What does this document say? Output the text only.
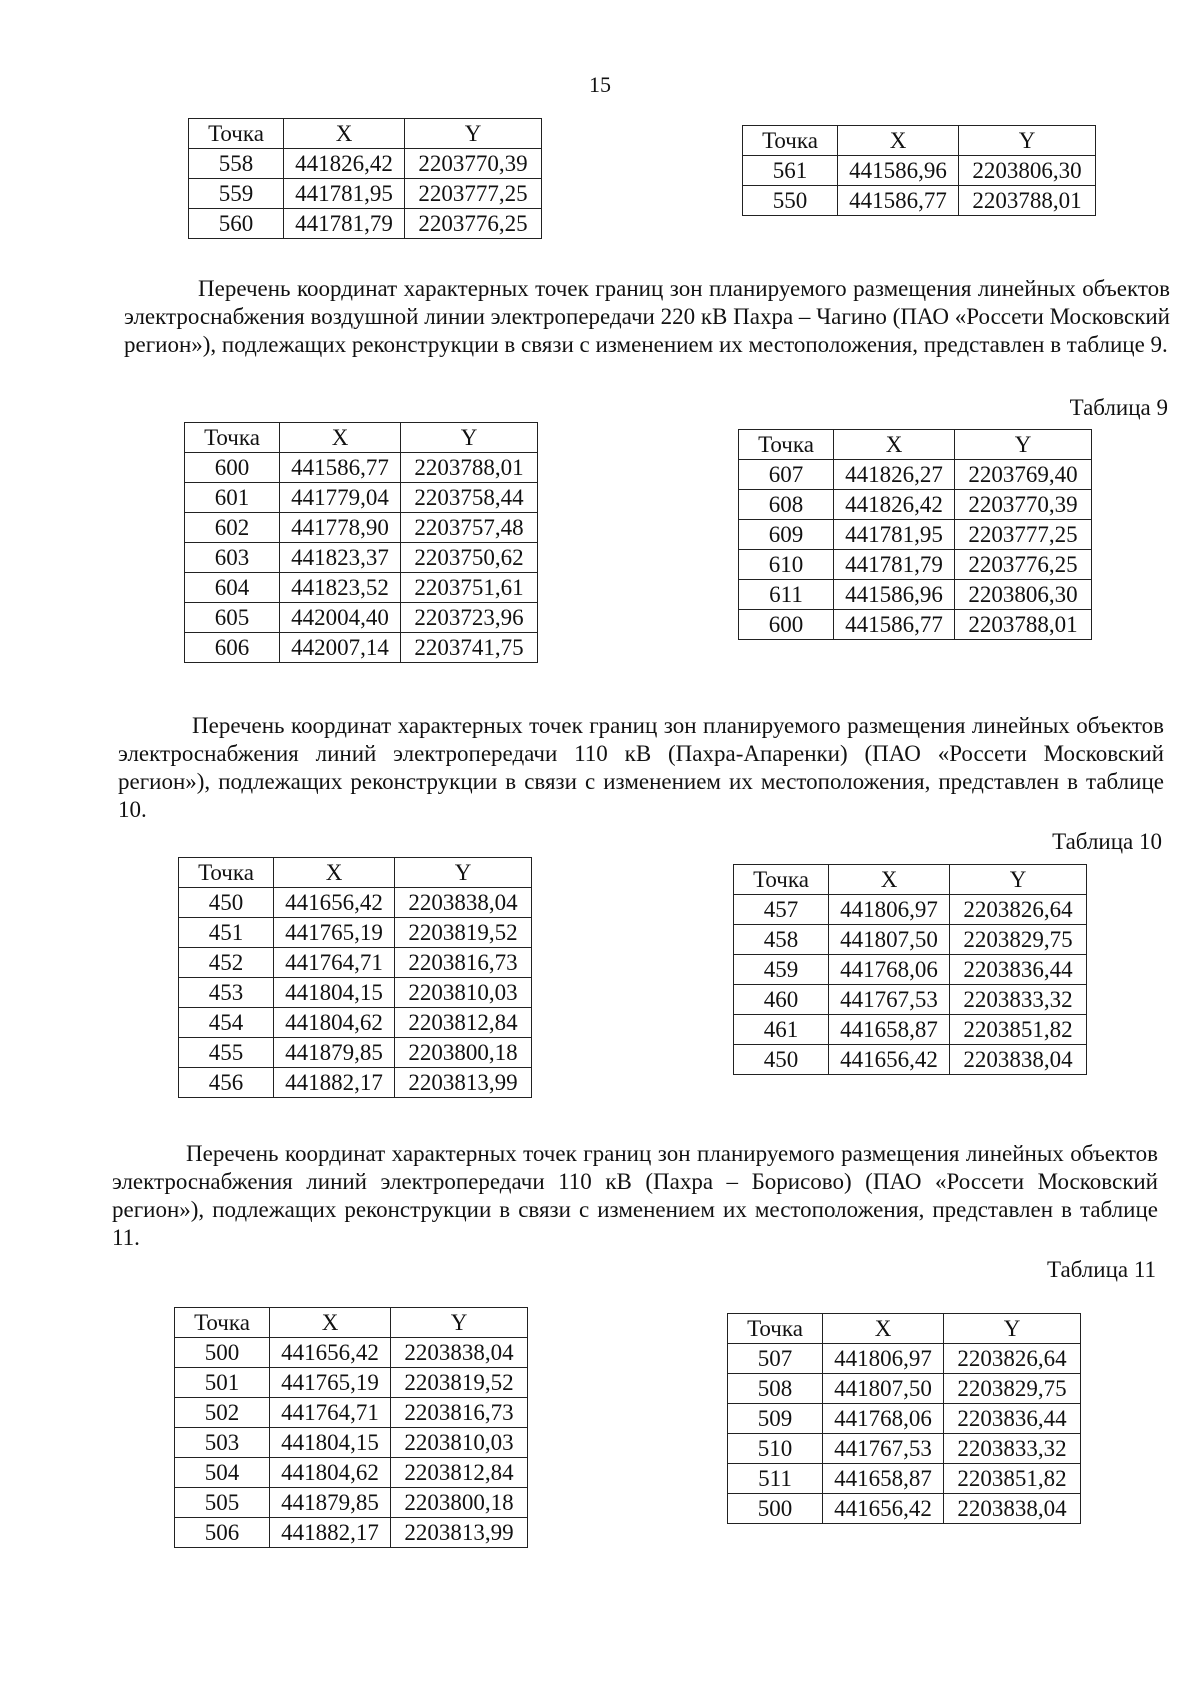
15
Точка	X	Y
558	441826,42	2203770,39
559	441781,95	2203777,25
560	441781,79	2203776,25
Точка	X	Y
561	441586,96	2203806,30
550	441586,77	2203788,01

Перечень координат характерных точек границ зон планируемого размещения линейных объектов электроснабжения воздушной линии электропередачи 220 кВ Пахра – Чагино (ПАО «Россети Московский регион»), подлежащих реконструкции в связи с изменением их местоположения, представлен в таблице 9.

Таблица 9
Точка	X	Y
600	441586,77	2203788,01
601	441779,04	2203758,44
602	441778,90	2203757,48
603	441823,37	2203750,62
604	441823,52	2203751,61
605	442004,40	2203723,96
606	442007,14	2203741,75
Точка	X	Y
607	441826,27	2203769,40
608	441826,42	2203770,39
609	441781,95	2203777,25
610	441781,79	2203776,25
611	441586,96	2203806,30
600	441586,77	2203788,01

Перечень координат характерных точек границ зон планируемого размещения линейных объектов электроснабжения линий электропередачи 110 кВ (Пахра-Апаренки) (ПАО «Россети Московский регион»), подлежащих реконструкции в связи с изменением их местоположения, представлен в таблице 10.

Таблица 10
Точка	X	Y
450	441656,42	2203838,04
451	441765,19	2203819,52
452	441764,71	2203816,73
453	441804,15	2203810,03
454	441804,62	2203812,84
455	441879,85	2203800,18
456	441882,17	2203813,99
Точка	X	Y
457	441806,97	2203826,64
458	441807,50	2203829,75
459	441768,06	2203836,44
460	441767,53	2203833,32
461	441658,87	2203851,82
450	441656,42	2203838,04

Перечень координат характерных точек границ зон планируемого размещения линейных объектов электроснабжения линий электропередачи 110 кВ (Пахра – Борисово) (ПАО «Россети Московский регион»), подлежащих реконструкции в связи с изменением их местоположения, представлен в таблице 11.

Таблица 11
Точка	X	Y
500	441656,42	2203838,04
501	441765,19	2203819,52
502	441764,71	2203816,73
503	441804,15	2203810,03
504	441804,62	2203812,84
505	441879,85	2203800,18
506	441882,17	2203813,99
Точка	X	Y
507	441806,97	2203826,64
508	441807,50	2203829,75
509	441768,06	2203836,44
510	441767,53	2203833,32
511	441658,87	2203851,82
500	441656,42	2203838,04
